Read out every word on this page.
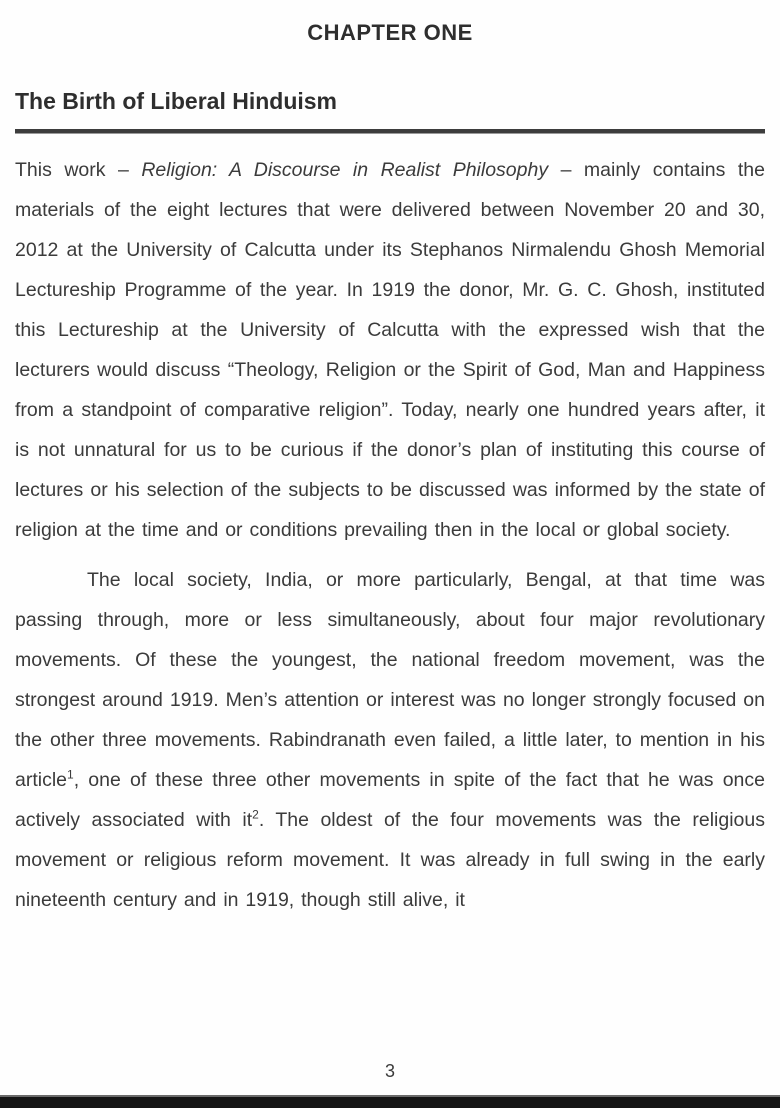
CHAPTER ONE
The Birth of Liberal Hinduism

This work – Religion: A Discourse in Realist Philosophy – mainly contains the materials of the eight lectures that were delivered between November 20 and 30, 2012 at the University of Calcutta under its Stephanos Nirmalendu Ghosh Memorial Lectureship Programme of the year. In 1919 the donor, Mr. G. C. Ghosh, instituted this Lectureship at the University of Calcutta with the expressed wish that the lecturers would discuss “Theology, Religion or the Spirit of God, Man and Happiness from a standpoint of comparative religion”. Today, nearly one hundred years after, it is not unnatural for us to be curious if the donor’s plan of instituting this course of lectures or his selection of the subjects to be discussed was informed by the state of religion at the time and or conditions prevailing then in the local or global society.

The local society, India, or more particularly, Bengal, at that time was passing through, more or less simultaneously, about four major revolutionary movements. Of these the youngest, the national freedom movement, was the strongest around 1919. Men’s attention or interest was no longer strongly focused on the other three movements. Rabindranath even failed, a little later, to mention in his article$^1$, one of these three other movements in spite of the fact that he was once actively associated with $it^2$. The oldest of the four movements was the religious movement or religious reform movement. It was already in full swing in the early nineteenth century and in 1919, though still alive, it

3
